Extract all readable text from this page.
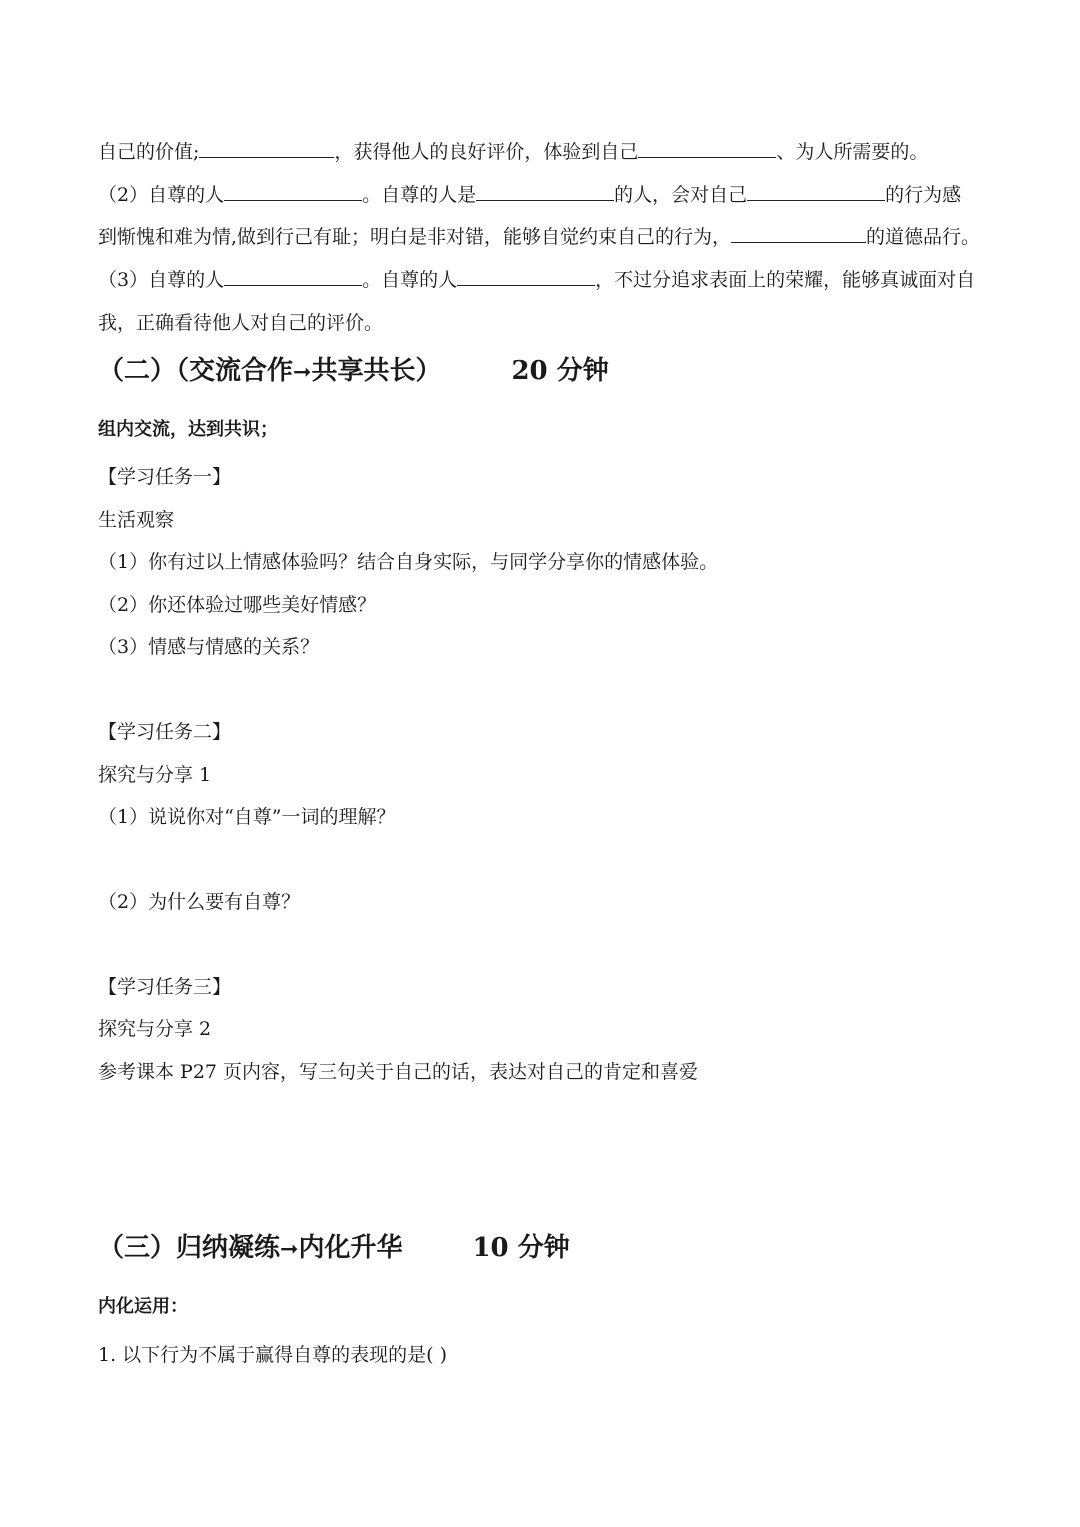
自己的价值;	，获得他人的良好评价，体验到自己	、为人所需要的。
（2）自尊的人	。自尊的人是	的人，会对自己	的行为感
到惭愧和难为情,做到行己有耻；明白是非对错，能够自觉约束自己的行为，	的道德品行。
（3）自尊的人	。自尊的人	，不过分追求表面上的荣耀，能够真诚面对自
我，正确看待他人对自己的评价。
（二）（交流合作➞共享共长）	20 分钟
组内交流，达到共识；
【学习任务一】
生活观察
（1）你有过以上情感体验吗？结合自身实际，与同学分享你的情感体验。
（2）你还体验过哪些美好情感？
（3）情感与情感的关系？
【学习任务二】
探究与分享 1
（1）说说你对“自尊”一词的理解？
（2）为什么要有自尊？
【学习任务三】
探究与分享 2
参考课本 P27 页内容，写三句关于自己的话，表达对自己的肯定和喜爱
（三）归纳凝练➞内化升华	10 分钟
内化运用：
1. 以下行为不属于赢得自尊的表现的是( )
